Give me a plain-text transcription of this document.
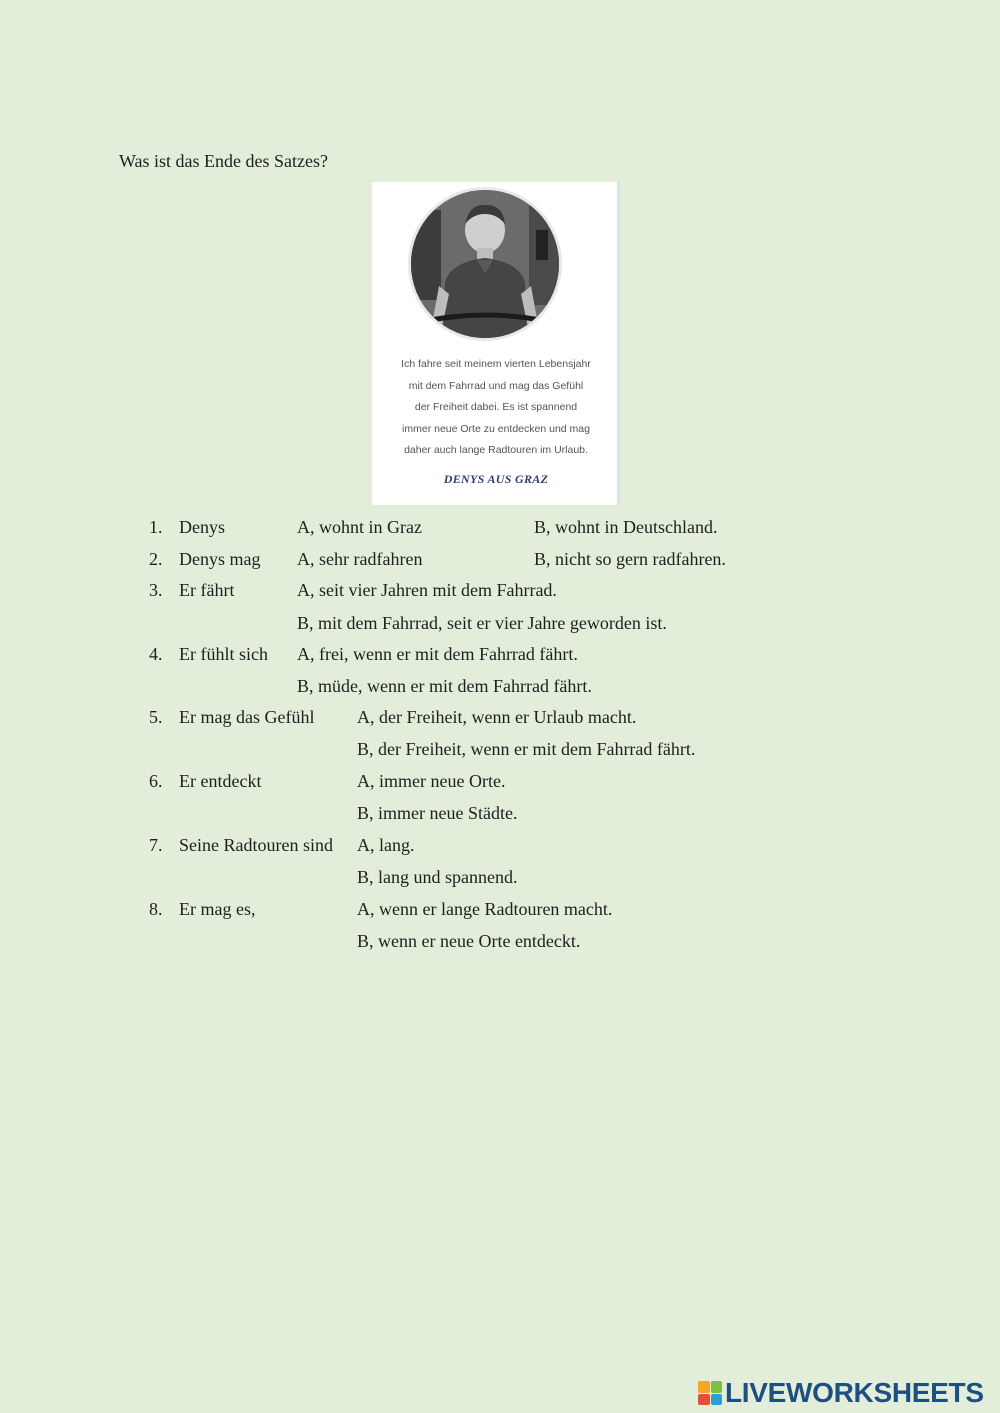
Was ist das Ende des Satzes?
Ich fahre seit meinem vierten Lebensjahr
mit dem Fahrrad und mag das Gefühl
der Freiheit dabei. Es ist spannend
immer neue Orte zu entdecken und mag
daher auch lange Radtouren im Urlaub.
DENYS AUS GRAZ
1. Denys	A, wohnt in Graz	B, wohnt in Deutschland.
2. Denys mag A, sehr radfahren	B, nicht so gern radfahren.
3. Er fährt	A, seit vier Jahren mit dem Fahrrad.
B, mit dem Fahrrad, seit er vier Jahre geworden ist.
4. Er fühlt sich A, frei, wenn er mit dem Fahrrad fährt.
B, müde, wenn er mit dem Fahrrad fährt.
5. Er mag das Gefühl A, der Freiheit, wenn er Urlaub macht.
B, der Freiheit, wenn er mit dem Fahrrad fährt.
6. Er entdeckt	A, immer neue Orte.
B, immer neue Städte.
7. Seine Radtouren sind A, lang.
B, lang und spannend.
8. Er mag es,	A, wenn er lange Radtouren macht.
B, wenn er neue Orte entdeckt.
LIVEWORKSHEETS
